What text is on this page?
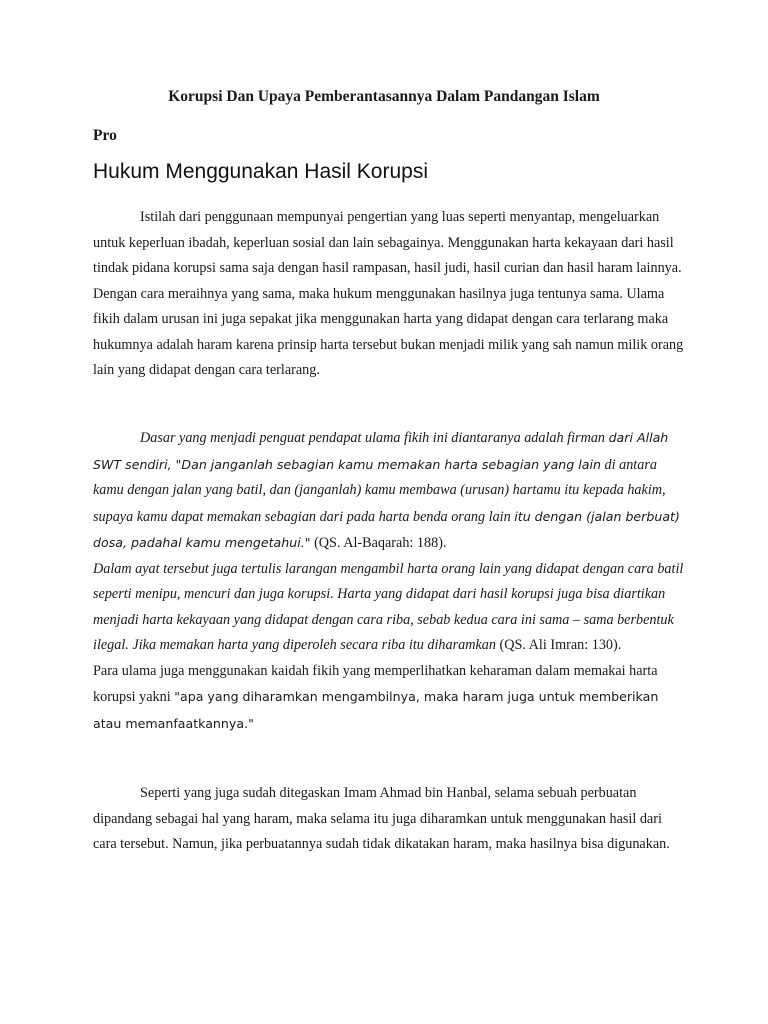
Korupsi Dan Upaya Pemberantasannya Dalam Pandangan Islam
Pro
Hukum Menggunakan Hasil Korupsi

Istilah dari penggunaan mempunyai pengertian yang luas seperti menyantap, mengeluarkan untuk keperluan ibadah, keperluan sosial dan lain sebagainya. Menggunakan harta kekayaan dari hasil tindak pidana korupsi sama saja dengan hasil rampasan, hasil judi, hasil curian dan hasil haram lainnya. Dengan cara meraihnya yang sama, maka hukum menggunakan hasilnya juga tentunya sama. Ulama fikih dalam urusan ini juga sepakat jika menggunakan harta yang didapat dengan cara terlarang maka hukumnya adalah haram karena prinsip harta tersebut bukan menjadi milik yang sah namun milik orang lain yang didapat dengan cara terlarang.

Dasar yang menjadi penguat pendapat ulama fikih ini diantaranya adalah firman dari Allah SWT sendiri, "Dan janganlah sebagian kamu memakan harta sebagian yang lain di antara kamu dengan jalan yang batil, dan (janganlah) kamu membawa (urusan) hartamu itu kepada hakim, supaya kamu dapat memakan sebagian dari pada harta benda orang lain itu dengan (jalan berbuat) dosa, padahal kamu mengetahui." (QS. Al-Baqarah: 188).
Dalam ayat tersebut juga tertulis larangan mengambil harta orang lain yang didapat dengan cara batil seperti menipu, mencuri dan juga korupsi. Harta yang didapat dari hasil korupsi juga bisa diartikan menjadi harta kekayaan yang didapat dengan cara riba, sebab kedua cara ini sama – sama berbentuk ilegal. Jika memakan harta yang diperoleh secara riba itu diharamkan (QS. Ali Imran: 130).
Para ulama juga menggunakan kaidah fikih yang memperlihatkan keharaman dalam memakai harta korupsi yakni "apa yang diharamkan mengambilnya, maka haram juga untuk memberikan atau memanfaatkannya."

Seperti yang juga sudah ditegaskan Imam Ahmad bin Hanbal, selama sebuah perbuatan dipandang sebagai hal yang haram, maka selama itu juga diharamkan untuk menggunakan hasil dari cara tersebut. Namun, jika perbuatannya sudah tidak dikatakan haram, maka hasilnya bisa digunakan.
